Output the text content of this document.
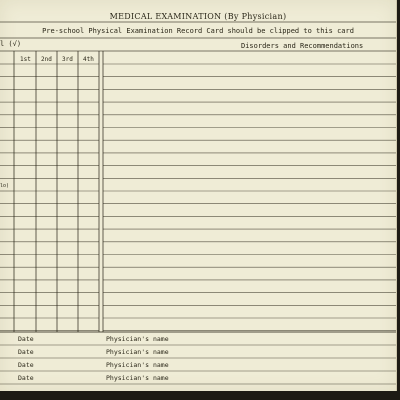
MEDICAL EXAMINATION (By Physician)
Pre-school Physical Examination Record Card should be clipped to this card
l (√)	Disorders and Recommendations
1st 2nd 3rd 4th
lo)
Date	Physician's name
Date	Physician's name
Date	Physician's name
Date	Physician's name
